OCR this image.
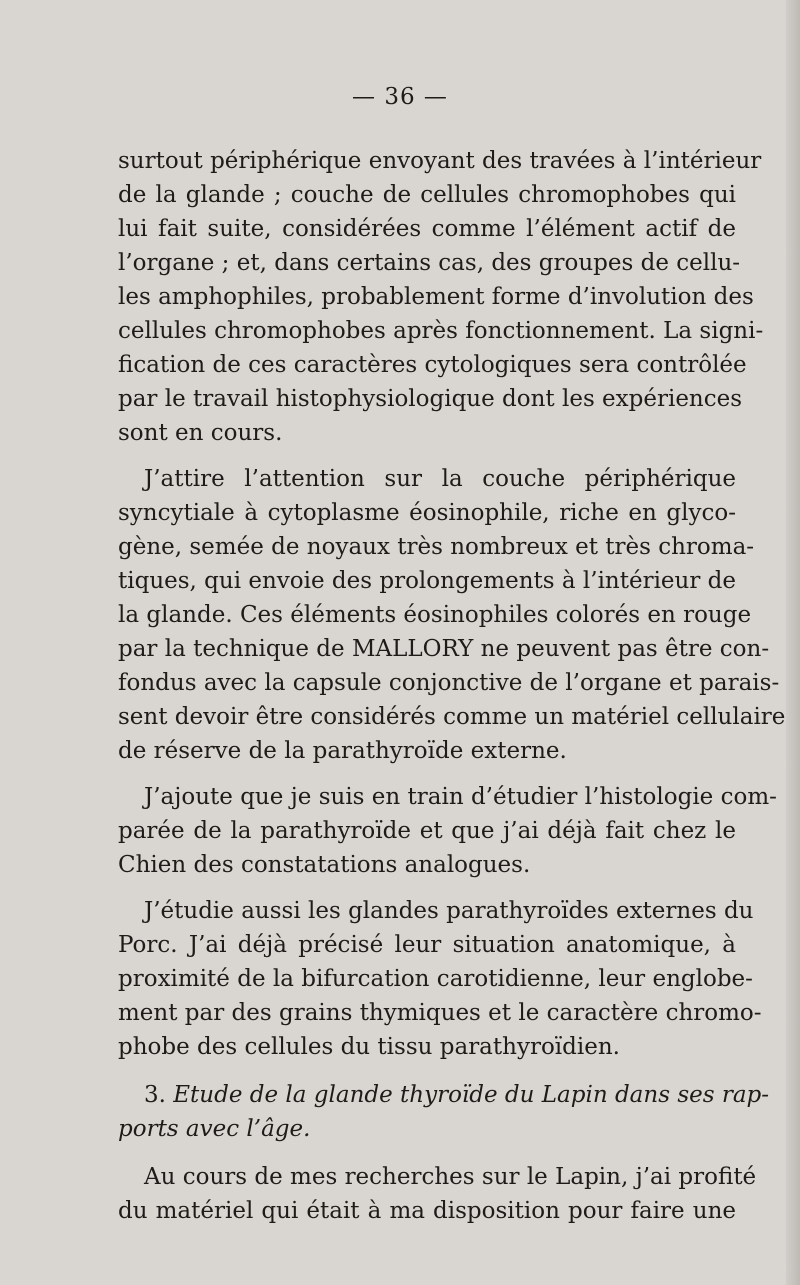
— 36 —
surtout périphérique envoyant des travées à l’intérieur
de la glande ; couche de cellules chromophobes qui
lui fait suite, considérées comme l’élément actif de
l’organe ; et, dans certains cas, des groupes de cellu-
les amphophiles, probablement forme d’involution des
cellules chromophobes après fonctionnement. La signi-
fication de ces caractères cytologiques sera contrôlée
par le travail histophysiologique dont les expériences
sont en cours.
J’attire l’attention sur la couche périphérique
syncytiale à cytoplasme éosinophile, riche en glyco-
gène, semée de noyaux très nombreux et très chroma-
tiques, qui envoie des prolongements à l’intérieur de
la glande. Ces éléments éosinophiles colorés en rouge
par la technique de MALLORY ne peuvent pas être con-
fondus avec la capsule conjonctive de l’organe et parais-
sent devoir être considérés comme un matériel cellulaire
de réserve de la parathyroïde externe.
J’ajoute que je suis en train d’étudier l’histologie com-
parée de la parathyroïde et que j’ai déjà fait chez le
Chien des constatations analogues.
J’étudie aussi les glandes parathyroïdes externes du
Porc. J’ai déjà précisé leur situation anatomique, à
proximité de la bifurcation carotidienne, leur englobe-
ment par des grains thymiques et le caractère chromo-
phobe des cellules du tissu parathyroïdien.
3. Etude de la glande thyroïde du Lapin dans ses rap-
ports avec l’âge.
Au cours de mes recherches sur le Lapin, j’ai profité
du matériel qui était à ma disposition pour faire une
